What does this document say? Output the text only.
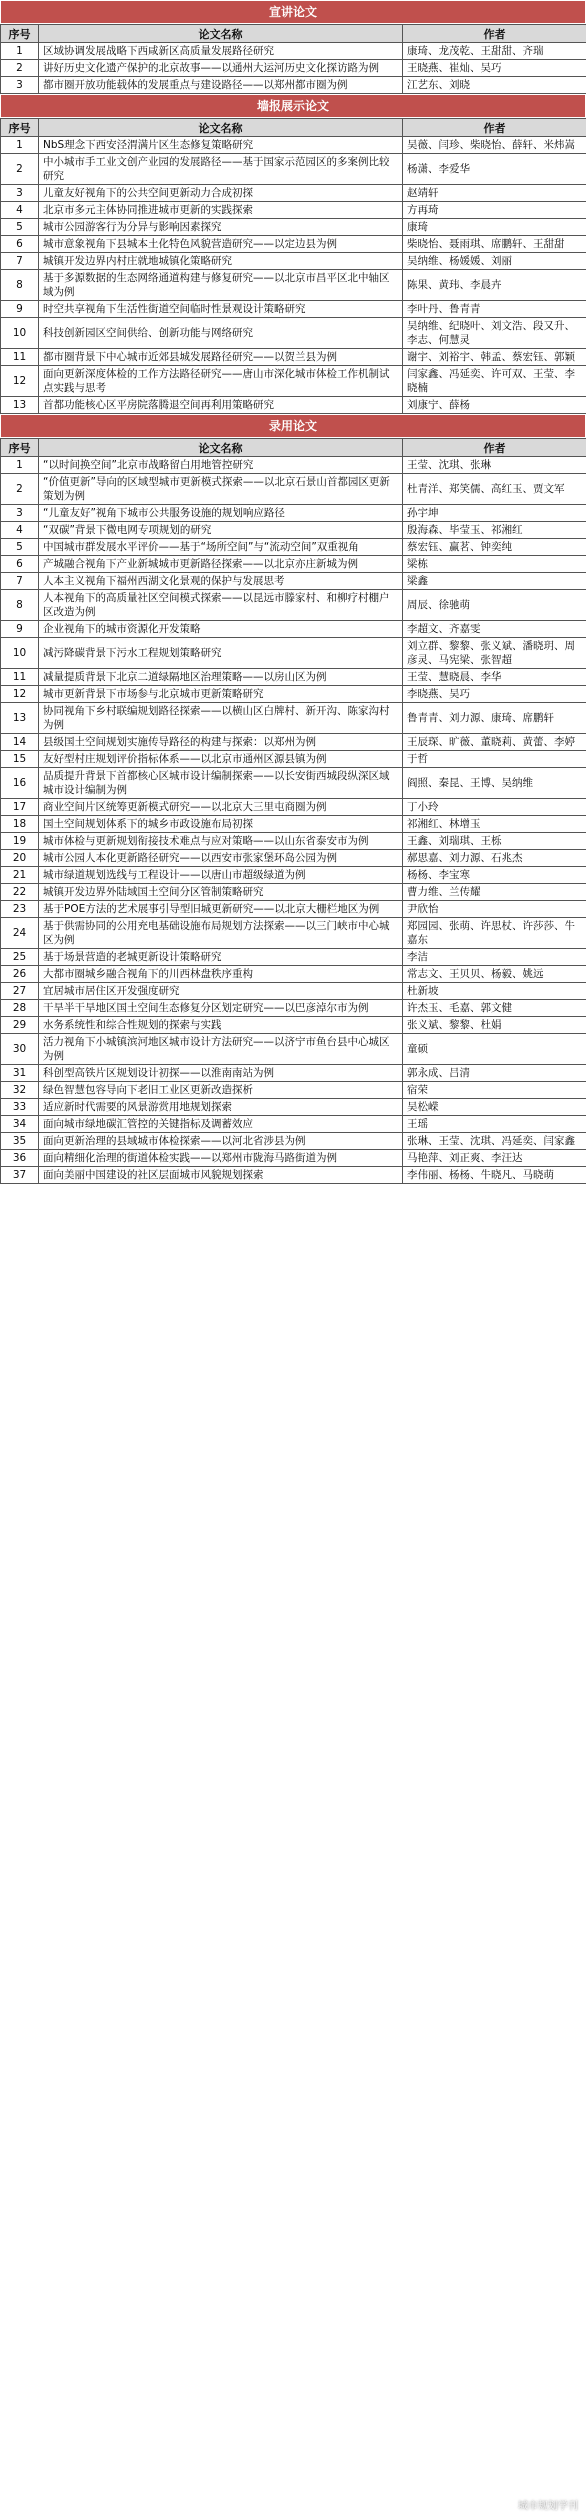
宣讲论文
序号	论文名称	作者
1	区域协调发展战略下西咸新区高质量发展路径研究	康琦、龙茂乾、王甜甜、齐瑞
2	讲好历史文化遗产保护的北京故事——以通州大运河历史文化探访路为例	王晓燕、崔灿、吴巧
3	都市圈开放功能载体的发展重点与建设路径——以郑州都市圈为例	江艺东、刘晓
墙报展示论文
序号	论文名称	作者
1	NbS理念下西安泾渭满片区生态修复策略研究	吴薇、闫珍、柴晓怡、薛轩、米炜嵩
2	中小城市手工业文创产业园的发展路径——基于国家示范园区的多案例比较研究	杨潇、李爱华
3	儿童友好视角下的公共空间更新动力合成初探	赵靖轩
4	北京市多元主体协同推进城市更新的实践探索	方再琦
5	城市公园游客行为分异与影响因素探究	康琦
6	城市意象视角下县城本土化特色风貌营造研究——以定边县为例	柴晓怡、聂雨琪、席鹏轩、王甜甜
7	城镇开发边界内村庄就地城镇化策略研究	吴纳维、杨媛媛、刘丽
8	基于多源数据的生态网络通道构建与修复研究——以北京市昌平区北中轴区域为例	陈果、黄玮、李晨卉
9	时空共享视角下生活性街道空间临时性景观设计策略研究	李叶丹、鲁青青
10	科技创新园区空间供给、创新功能与网络研究	吴纳维、纪晓叶、刘文浩、段又升、李志、何慧灵
11	都市圈背景下中心城市近郊县城发展路径研究——以贺兰县为例	谢宇、刘裕宇、韩孟、蔡宏钰、郭颖
12	面向更新深度体检的工作方法路径研究——唐山市深化城市体检工作机制试点实践与思考	闫家鑫、冯延奕、许可双、王莹、李晓楠
13	首都功能核心区平房院落腾退空间再利用策略研究	刘康宁、薛杨
录用论文
序号	论文名称	作者
1	“以时间换空间”北京市战略留白用地管控研究	王莹、沈琪、张琳
2	“价值更新”导向的区域型城市更新模式探索——以北京石景山首都园区更新策划为例	杜青洋、郑笑儒、高红玉、贾文军
3	“儿童友好”视角下城市公共服务设施的规划响应路径	孙宇坤
4	“双碳”背景下微电网专项规划的研究	殷海森、毕莹玉、祁湘红
5	中国城市群发展水平评价——基于“场所空间”与“流动空间”双重视角	蔡宏钰、赢茗、钟奕纯
6	产城融合视角下产业新城城市更新路径探索——以北京亦庄新城为例	梁栋
7	人本主义视角下福州西湖文化景观的保护与发展思考	梁鑫
8	人本视角下的高质量社区空间模式探索——以昆远市滕家村、和柳疗村棚户区改造为例	周辰、徐驰萌
9	企业视角下的城市资源化开发策略	李超文、齐嘉雯
10	减污降碳背景下污水工程规划策略研究	刘立群、黎黎、张义斌、潘晓玥、周彦灵、马宪梁、张智超
11	减量提质背景下北京二道绿隔地区治理策略——以房山区为例	王莹、慧晓晨、李华
12	城市更新背景下市场参与北京城市更新策略研究	李晓燕、吴巧
13	协同视角下乡村联编规划路径探索——以横山区白牌村、新开沟、陈家沟村为例	鲁青青、刘力源、康琦、席鹏轩
14	县级国土空间规划实施传导路径的构建与探索：以郑州为例	王辰琛、旷薇、董晓莉、黄蕾、李婷
15	友好型村庄规划评价指标体系——以北京市通州区源县镇为例	于哲
16	品质提升背景下首都核心区城市设计编制探索——以长安街西城段纵深区域城市设计编制为例	阎照、秦昆、王博、吴纳维
17	商业空间片区统筹更新模式研究——以北京大三里屯商圈为例	丁小玲
18	国土空间规划体系下的城乡市政设施布局初探	祁湘红、林增玉
19	城市体检与更新规划衔接技术难点与应对策略——以山东省泰安市为例	王鑫、刘瑞琪、王栎
20	城市公园人本化更新路径研究——以西安市张家堡环岛公园为例	郝思嘉、刘力源、石兆杰
21	城市绿道规划选线与工程设计——以唐山市超级绿道为例	杨杨、李宝寒
22	城镇开发边界外陆域国土空间分区管制策略研究	曹力维、兰传耀
23	基于POE方法的艺术展事引导型旧城更新研究——以北京大栅栏地区为例	尹欣怡
24	基于供需协同的公用充电基础设施布局规划方法探索——以三门峡市中心城区为例	郑园园、张萌、许思杖、许莎莎、牛嘉东
25	基于场景营造的老城更新设计策略研究	李洁
26	大都市圈城乡融合视角下的川西林盘秩序重构	常志文、王贝贝、杨毅、姚远
27	宜居城市居住区开发强度研究	杜新坡
28	干旱半干旱地区国土空间生态修复分区划定研究——以巴彦淖尔市为例	许杰玉、毛嘉、郭文健
29	水务系统性和综合性规划的探索与实践	张义斌、黎黎、杜娟
30	活力视角下小城镇滨河地区城市设计方法研究——以济宁市鱼台县中心城区为例	童硕
31	科创型高铁片区规划设计初探——以淮南南站为例	郭永成、吕清
32	绿色智慧包容导向下老旧工业区更新改造探析	宿荣
33	适应新时代需要的风景游赏用地规划探索	吴松嵘
34	面向城市绿地碳汇管控的关键指标及调蓄效应	王瑶
35	面向更新治理的县域城市体检探索——以河北省涉县为例	张琳、王莹、沈琪、冯延奕、闫家鑫
36	面向精细化治理的街道体检实践——以郑州市陇海马路街道为例	马艳萍、刘正爽、李汪达
37	面向美丽中国建设的社区层面城市风貌规划探索	李伟丽、杨杨、牛晓凡、马晓萌
城市规划学刊
